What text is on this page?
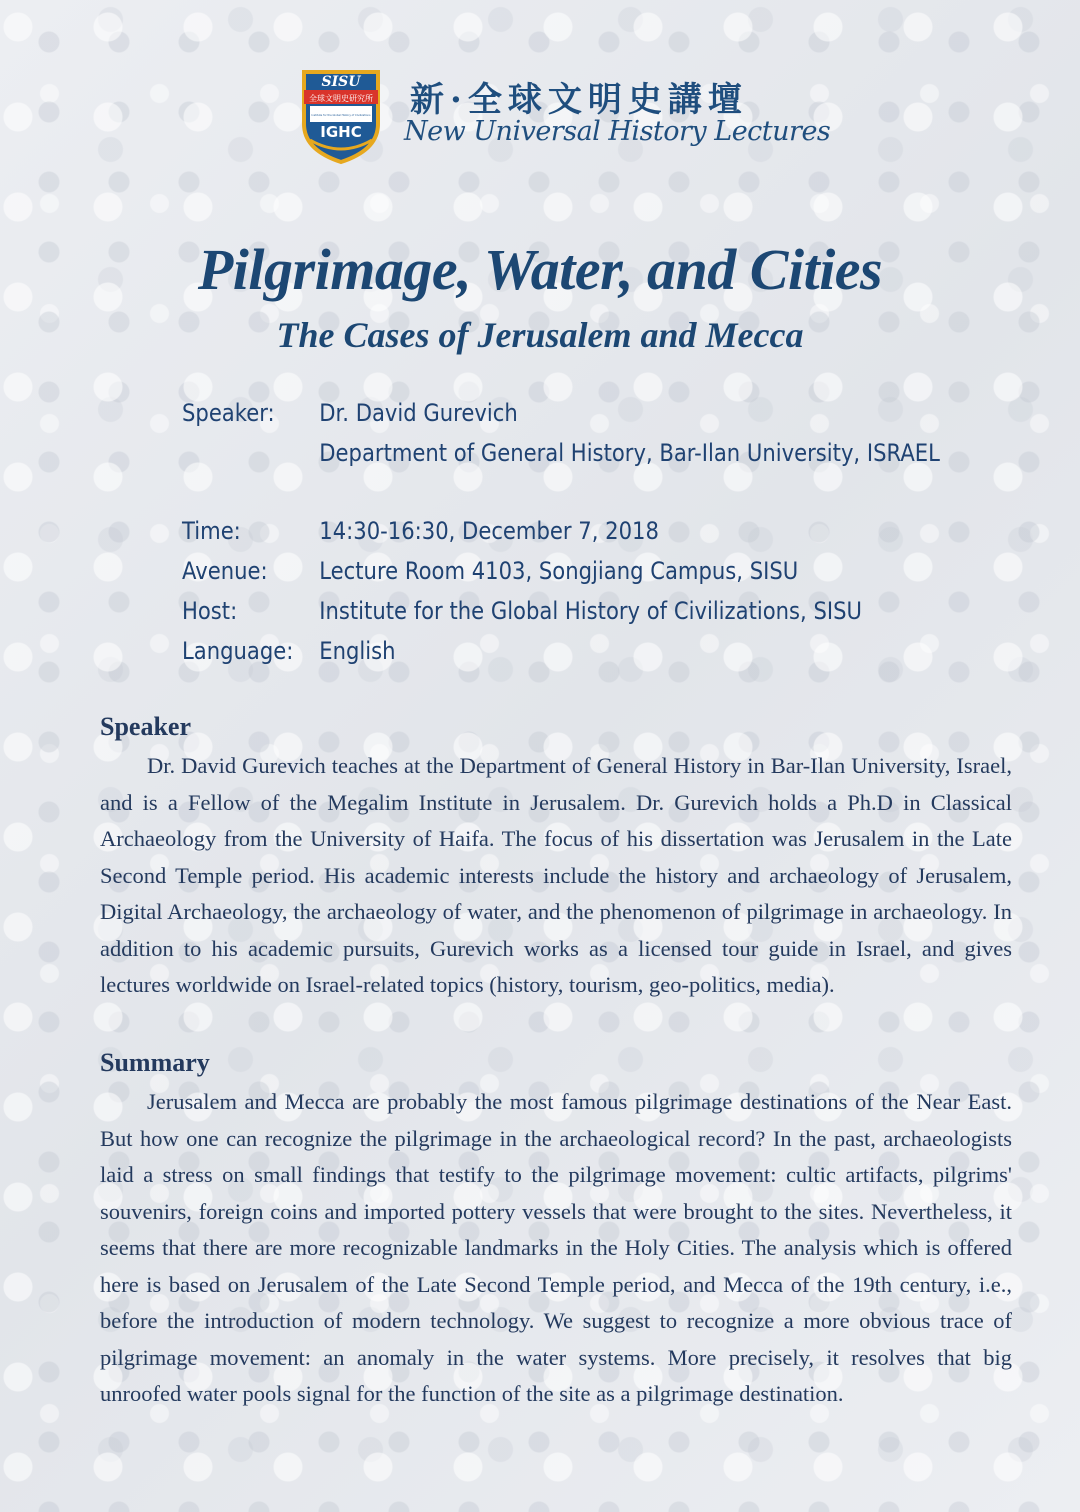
SISU
全球文明史研究所
Institute for the Global History of Civilizations
IGHC
新·全球文明史講壇
New Universal History Lectures
Pilgrimage, Water, and Cities
The Cases of Jerusalem and Mecca
Speaker:	Dr. David Gurevich
Department of General History, Bar-Ilan University, ISRAEL
Time:	14:30-16:30, December 7, 2018
Avenue:	Lecture Room 4103, Songjiang Campus, SISU
Host:	Institute for the Global History of Civilizations, SISU
Language:	English
Speaker

Dr. David Gurevich teaches at the Department of General History in Bar-Ilan University, Israel, and is a Fellow of the Megalim Institute in Jerusalem. Dr. Gurevich holds a Ph.D in Classical Archaeology from the University of Haifa. The focus of his dissertation was Jerusalem in the Late Second Temple period. His academic interests include the history and archaeology of Jerusalem, Digital Archaeology, the archaeology of water, and the phenomenon of pilgrimage in archaeology. In addition to his academic pursuits, Gurevich works as a licensed tour guide in Israel, and gives lectures worldwide on Israel-related topics (history, tourism, geo-politics, media).

Summary

Jerusalem and Mecca are probably the most famous pilgrimage destinations of the Near East. But how one can recognize the pilgrimage in the archaeological record? In the past, archaeologists laid a stress on small findings that testify to the pilgrimage movement: cultic artifacts, pilgrims' souvenirs, foreign coins and imported pottery vessels that were brought to the sites. Nevertheless, it seems that there are more recognizable landmarks in the Holy Cities. The analysis which is offered here is based on Jerusalem of the Late Second Temple period, and Mecca of the 19th century, i.e., before the introduction of modern technology. We suggest to recognize a more obvious trace of pilgrimage movement: an anomaly in the water systems. More precisely, it resolves that big unroofed water pools signal for the function of the site as a pilgrimage destination.
